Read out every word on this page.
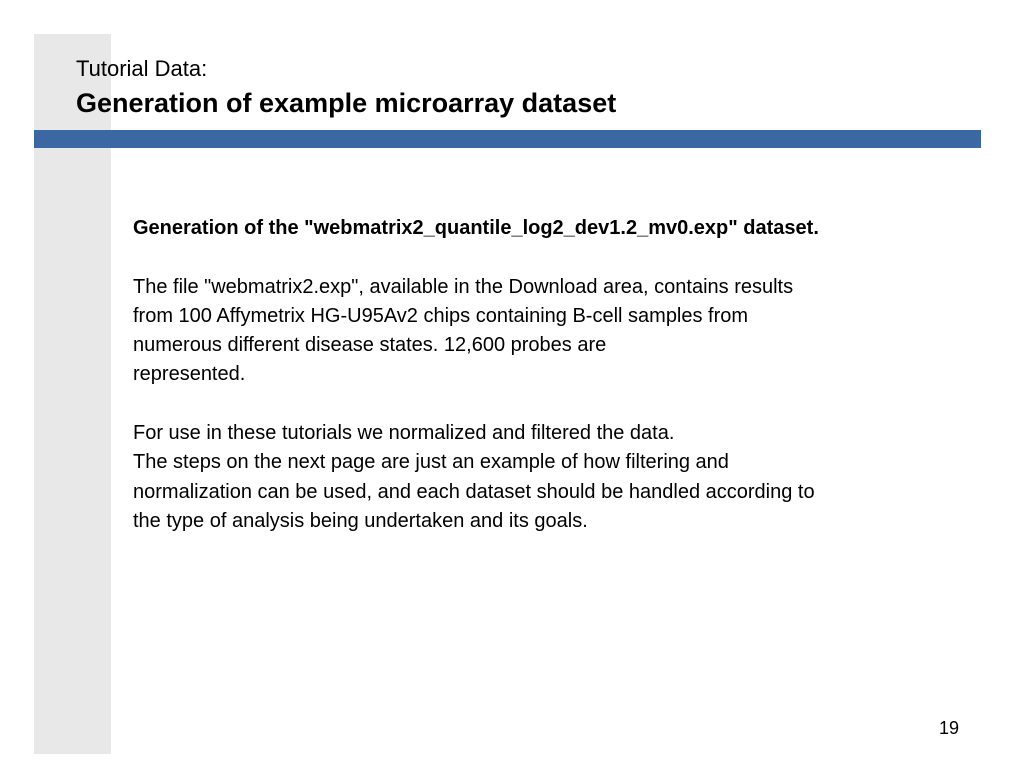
Tutorial Data:
Generation of example microarray dataset

Generation of the "webmatrix2_quantile_log2_dev1.2_mv0.exp" dataset.

The file "webmatrix2.exp", available in the Download area, contains results

from 100 Affymetrix HG-U95Av2 chips containing B-cell samples from

numerous different disease states. 12,600 probes are

represented.

For use in these tutorials we normalized and filtered the data.

The steps on the next page are just an example of how filtering and

normalization can be used, and each dataset should be handled according to

the type of analysis being undertaken and its goals.

19
